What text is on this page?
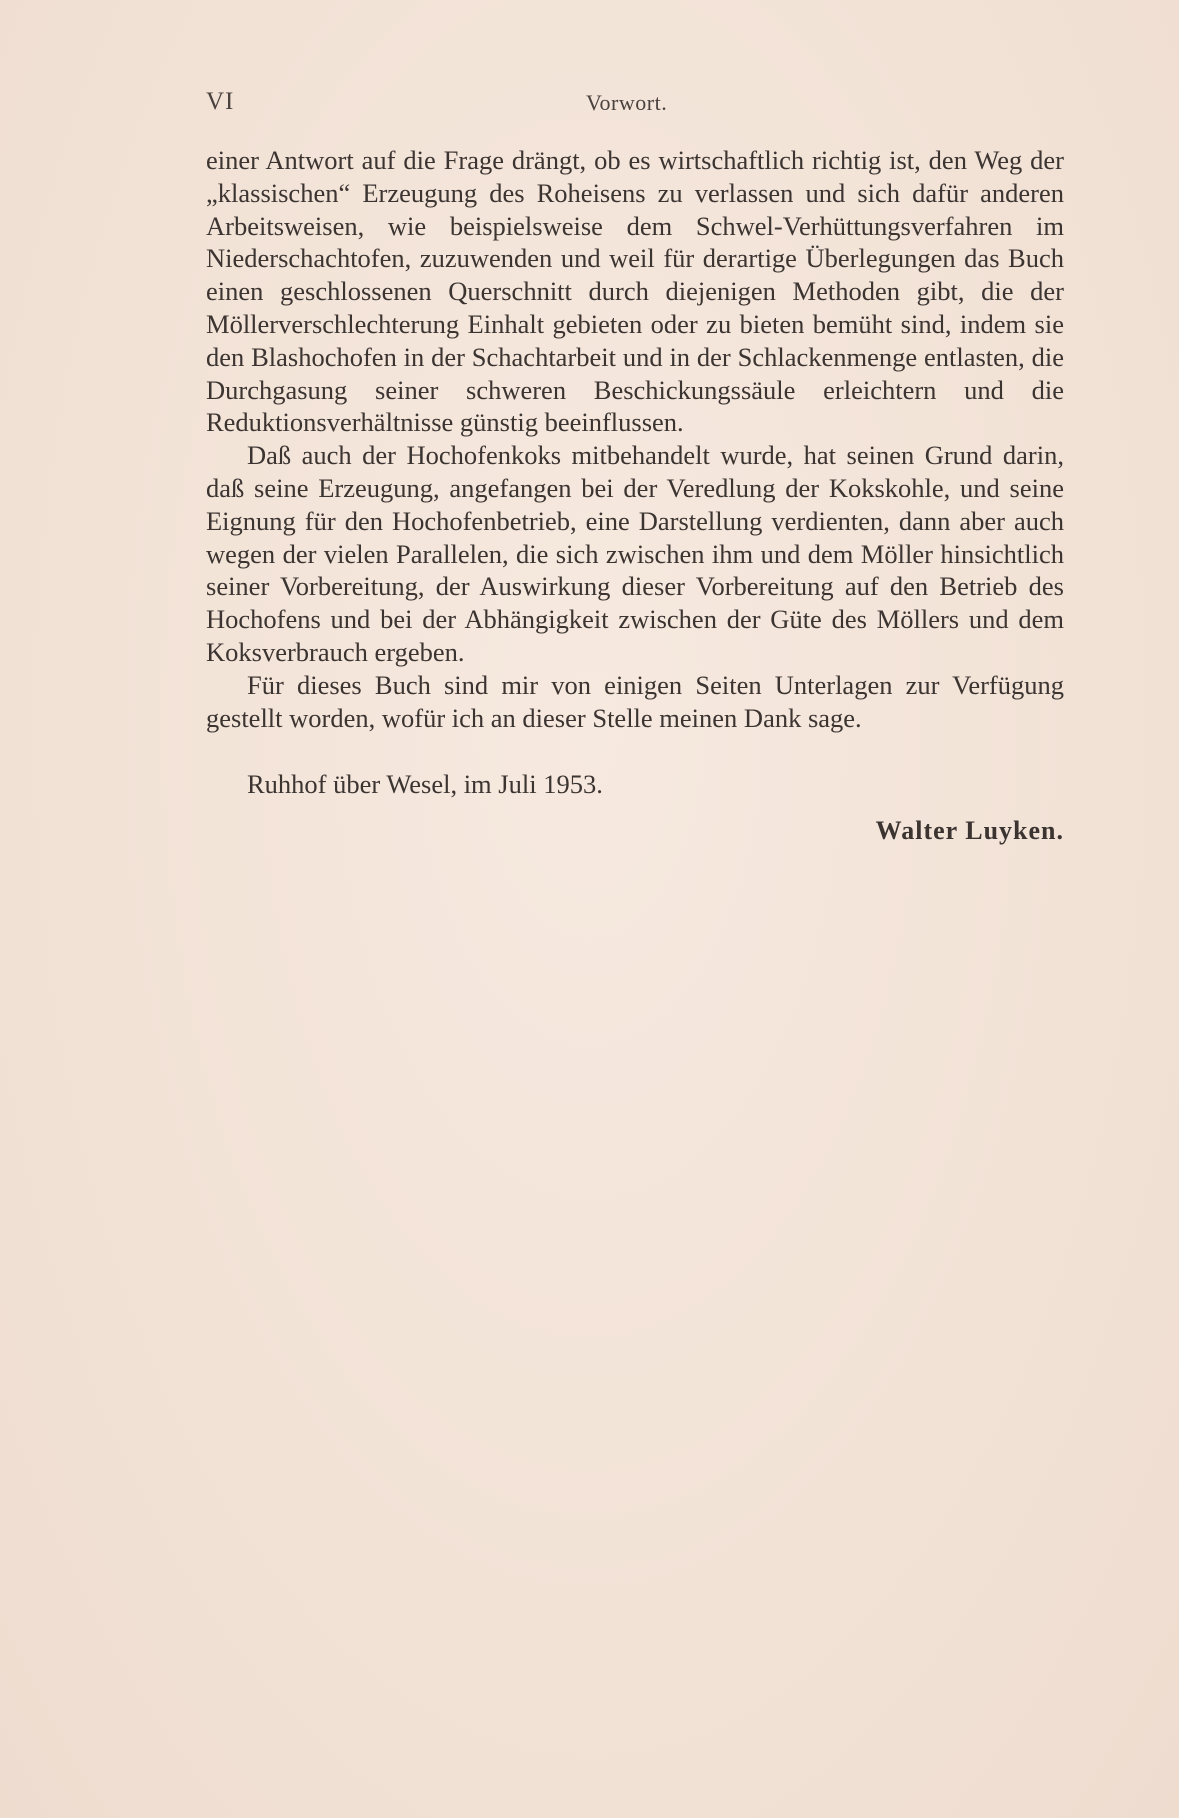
VI	Vorwort.

einer Antwort auf die Frage drängt, ob es wirtschaftlich richtig ist, den Weg der „klassischen“ Erzeugung des Roheisens zu verlassen und sich dafür anderen Arbeitsweisen, wie beispielsweise dem Schwel-Verhüttungsverfahren im Niederschachtofen, zuzuwenden und weil für derartige Überlegungen das Buch einen geschlossenen Querschnitt durch diejenigen Methoden gibt, die der Möllerverschlechterung Einhalt gebieten oder zu bieten bemüht sind, indem sie den Blashochofen in der Schachtarbeit und in der Schlackenmenge entlasten, die Durchgasung seiner schweren Beschickungssäule erleichtern und die Reduktionsverhältnisse günstig beeinflussen.

Daß auch der Hochofenkoks mitbehandelt wurde, hat seinen Grund darin, daß seine Erzeugung, angefangen bei der Veredlung der Kokskohle, und seine Eignung für den Hochofenbetrieb, eine Darstellung verdienten, dann aber auch wegen der vielen Parallelen, die sich zwischen ihm und dem Möller hinsichtlich seiner Vorbereitung, der Auswirkung dieser Vorbereitung auf den Betrieb des Hochofens und bei der Abhängigkeit zwischen der Güte des Möllers und dem Koksverbrauch ergeben.

Für dieses Buch sind mir von einigen Seiten Unterlagen zur Verfügung gestellt worden, wofür ich an dieser Stelle meinen Dank sage.

Ruhhof über Wesel, im Juli 1953.
Walter Luyken.
